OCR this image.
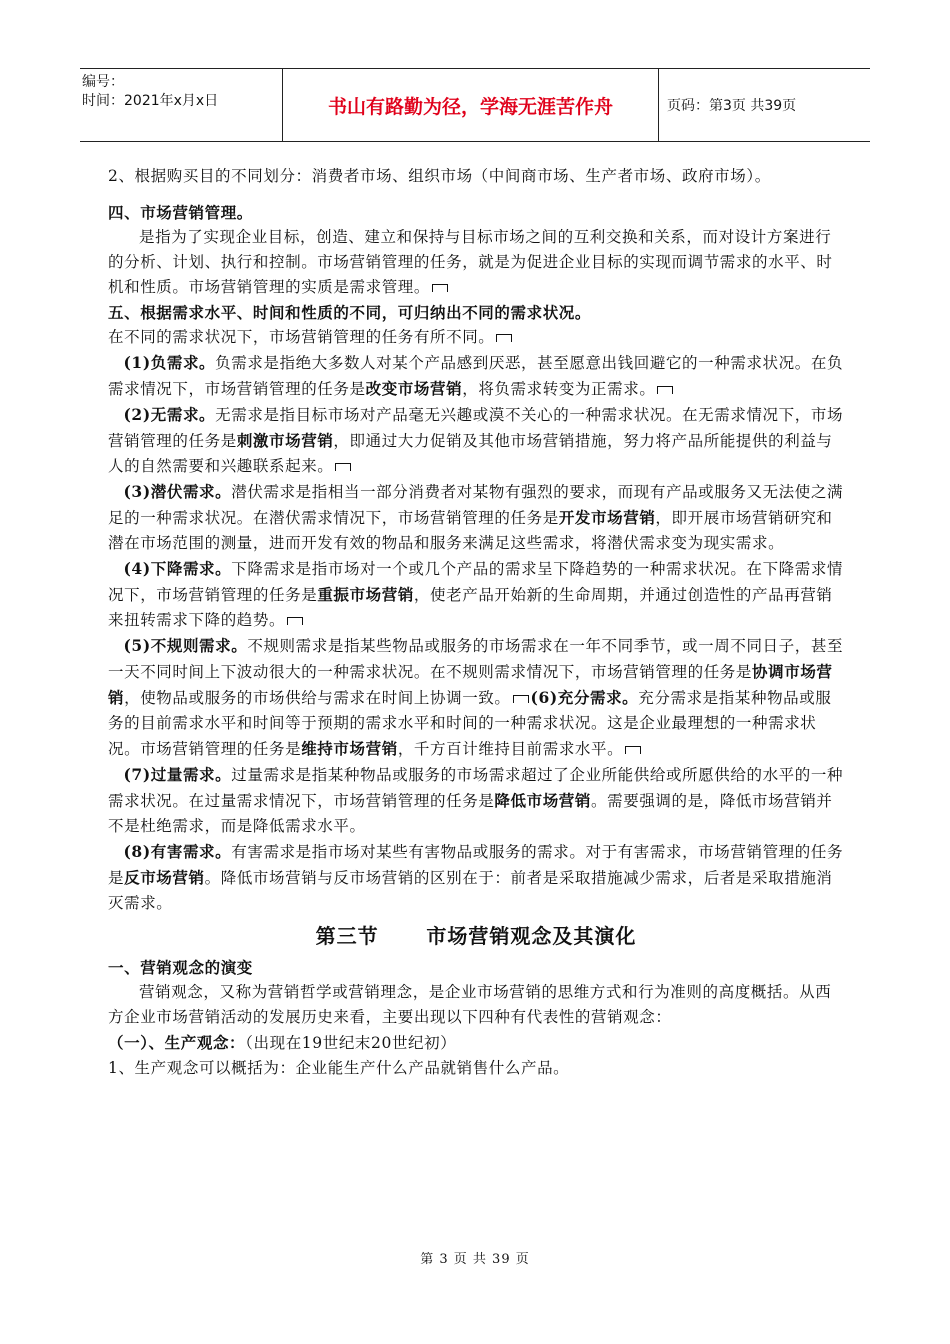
编号：
时间：2021年x月x日	书山有路勤为径，学海无涯苦作舟	页码：第3页 共39页

2、根据购买目的不同划分：消费者市场、组织市场（中间商市场、生产者市场、政府市场）。

四、市场营销管理。

是指为了实现企业目标，创造、建立和保持与目标市场之间的互利交换和关系，而对设计方案进行的分析、计划、执行和控制。市场营销管理的任务，就是为促进企业目标的实现而调节需求的水平、时机和性质。市场营销管理的实质是需求管理。

五、根据需求水平、时间和性质的不同，可归纳出不同的需求状况。

在不同的需求状况下，市场营销管理的任务有所不同。

(1)负需求。负需求是指绝大多数人对某个产品感到厌恶，甚至愿意出钱回避它的一种需求状况。在负需求情况下，市场营销管理的任务是改变市场营销，将负需求转变为正需求。

(2)无需求。无需求是指目标市场对产品毫无兴趣或漠不关心的一种需求状况。在无需求情况下，市场营销管理的任务是刺激市场营销，即通过大力促销及其他市场营销措施，努力将产品所能提供的利益与人的自然需要和兴趣联系起来。

(3)潜伏需求。潜伏需求是指相当一部分消费者对某物有强烈的要求，而现有产品或服务又无法使之满足的一种需求状况。在潜伏需求情况下，市场营销管理的任务是开发市场营销，即开展市场营销研究和潜在市场范围的测量，进而开发有效的物品和服务来满足这些需求，将潜伏需求变为现实需求。

(4)下降需求。下降需求是指市场对一个或几个产品的需求呈下降趋势的一种需求状况。在下降需求情况下，市场营销管理的任务是重振市场营销，使老产品开始新的生命周期，并通过创造性的产品再营销来扭转需求下降的趋势。

(5)不规则需求。不规则需求是指某些物品或服务的市场需求在一年不同季节，或一周不同日子，甚至一天不同时间上下波动很大的一种需求状况。在不规则需求情况下，市场营销管理的任务是协调市场营销，使物品或服务的市场供给与需求在时间上协调一致。 (6)充分需求。充分需求是指某种物品或服务的目前需求水平和时间等于预期的需求水平和时间的一种需求状况。这是企业最理想的一种需求状况。市场营销管理的任务是维持市场营销，千方百计维持目前需求水平。

(7)过量需求。过量需求是指某种物品或服务的市场需求超过了企业所能供给或所愿供给的水平的一种需求状况。在过量需求情况下，市场营销管理的任务是降低市场营销。需要强调的是，降低市场营销并不是杜绝需求，而是降低需求水平。

(8)有害需求。有害需求是指市场对某些有害物品或服务的需求。对于有害需求，市场营销管理的任务是反市场营销。降低市场营销与反市场营销的区别在于：前者是采取措施减少需求，后者是采取措施消灭需求。

第三节      市场营销观念及其演化

一、营销观念的演变

营销观念，又称为营销哲学或营销理念，是企业市场营销的思维方式和行为准则的高度概括。从西方企业市场营销活动的发展历史来看，主要出现以下四种有代表性的营销观念：

（一）、生产观念：（出现在19世纪末20世纪初）

1、生产观念可以概括为：企业能生产什么产品就销售什么产品。

第 3 页 共 39 页
